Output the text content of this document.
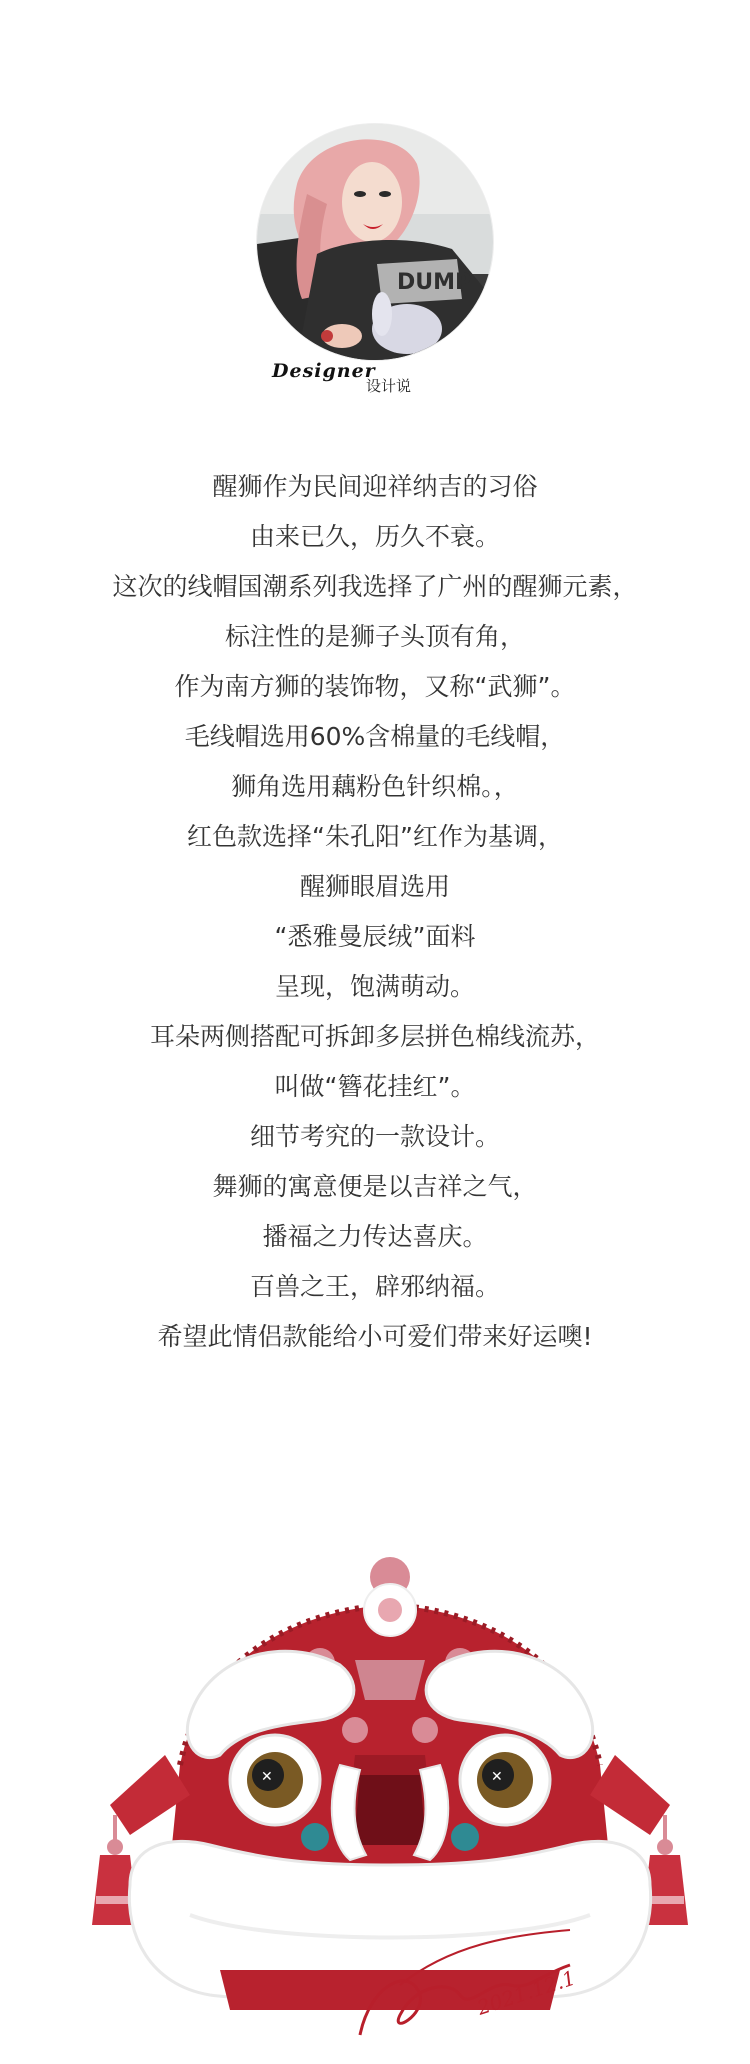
DUMP
Designer
设计说
醒狮作为民间迎祥纳吉的习俗
由来已久，历久不衰。
这次的线帽国潮系列我选择了广州的醒狮元素，
标注性的是狮子头顶有角，
作为南方狮的装饰物，又称“武狮”。
毛线帽选用60%含棉量的毛线帽，
狮角选用藕粉色针织棉。，
红色款选择“朱孔阳”红作为基调，
醒狮眼眉选用
“悉雅曼辰绒”面料
呈现，饱满萌动。
耳朵两侧搭配可拆卸多层拼色棉线流苏，
叫做“簪花挂红”。
细节考究的一款设计。
舞狮的寓意便是以吉祥之气，
播福之力传达喜庆。
百兽之王，辟邪纳福。
希望此情侣款能给小可爱们带来好运噢!
✕	✕
2021.12.1
